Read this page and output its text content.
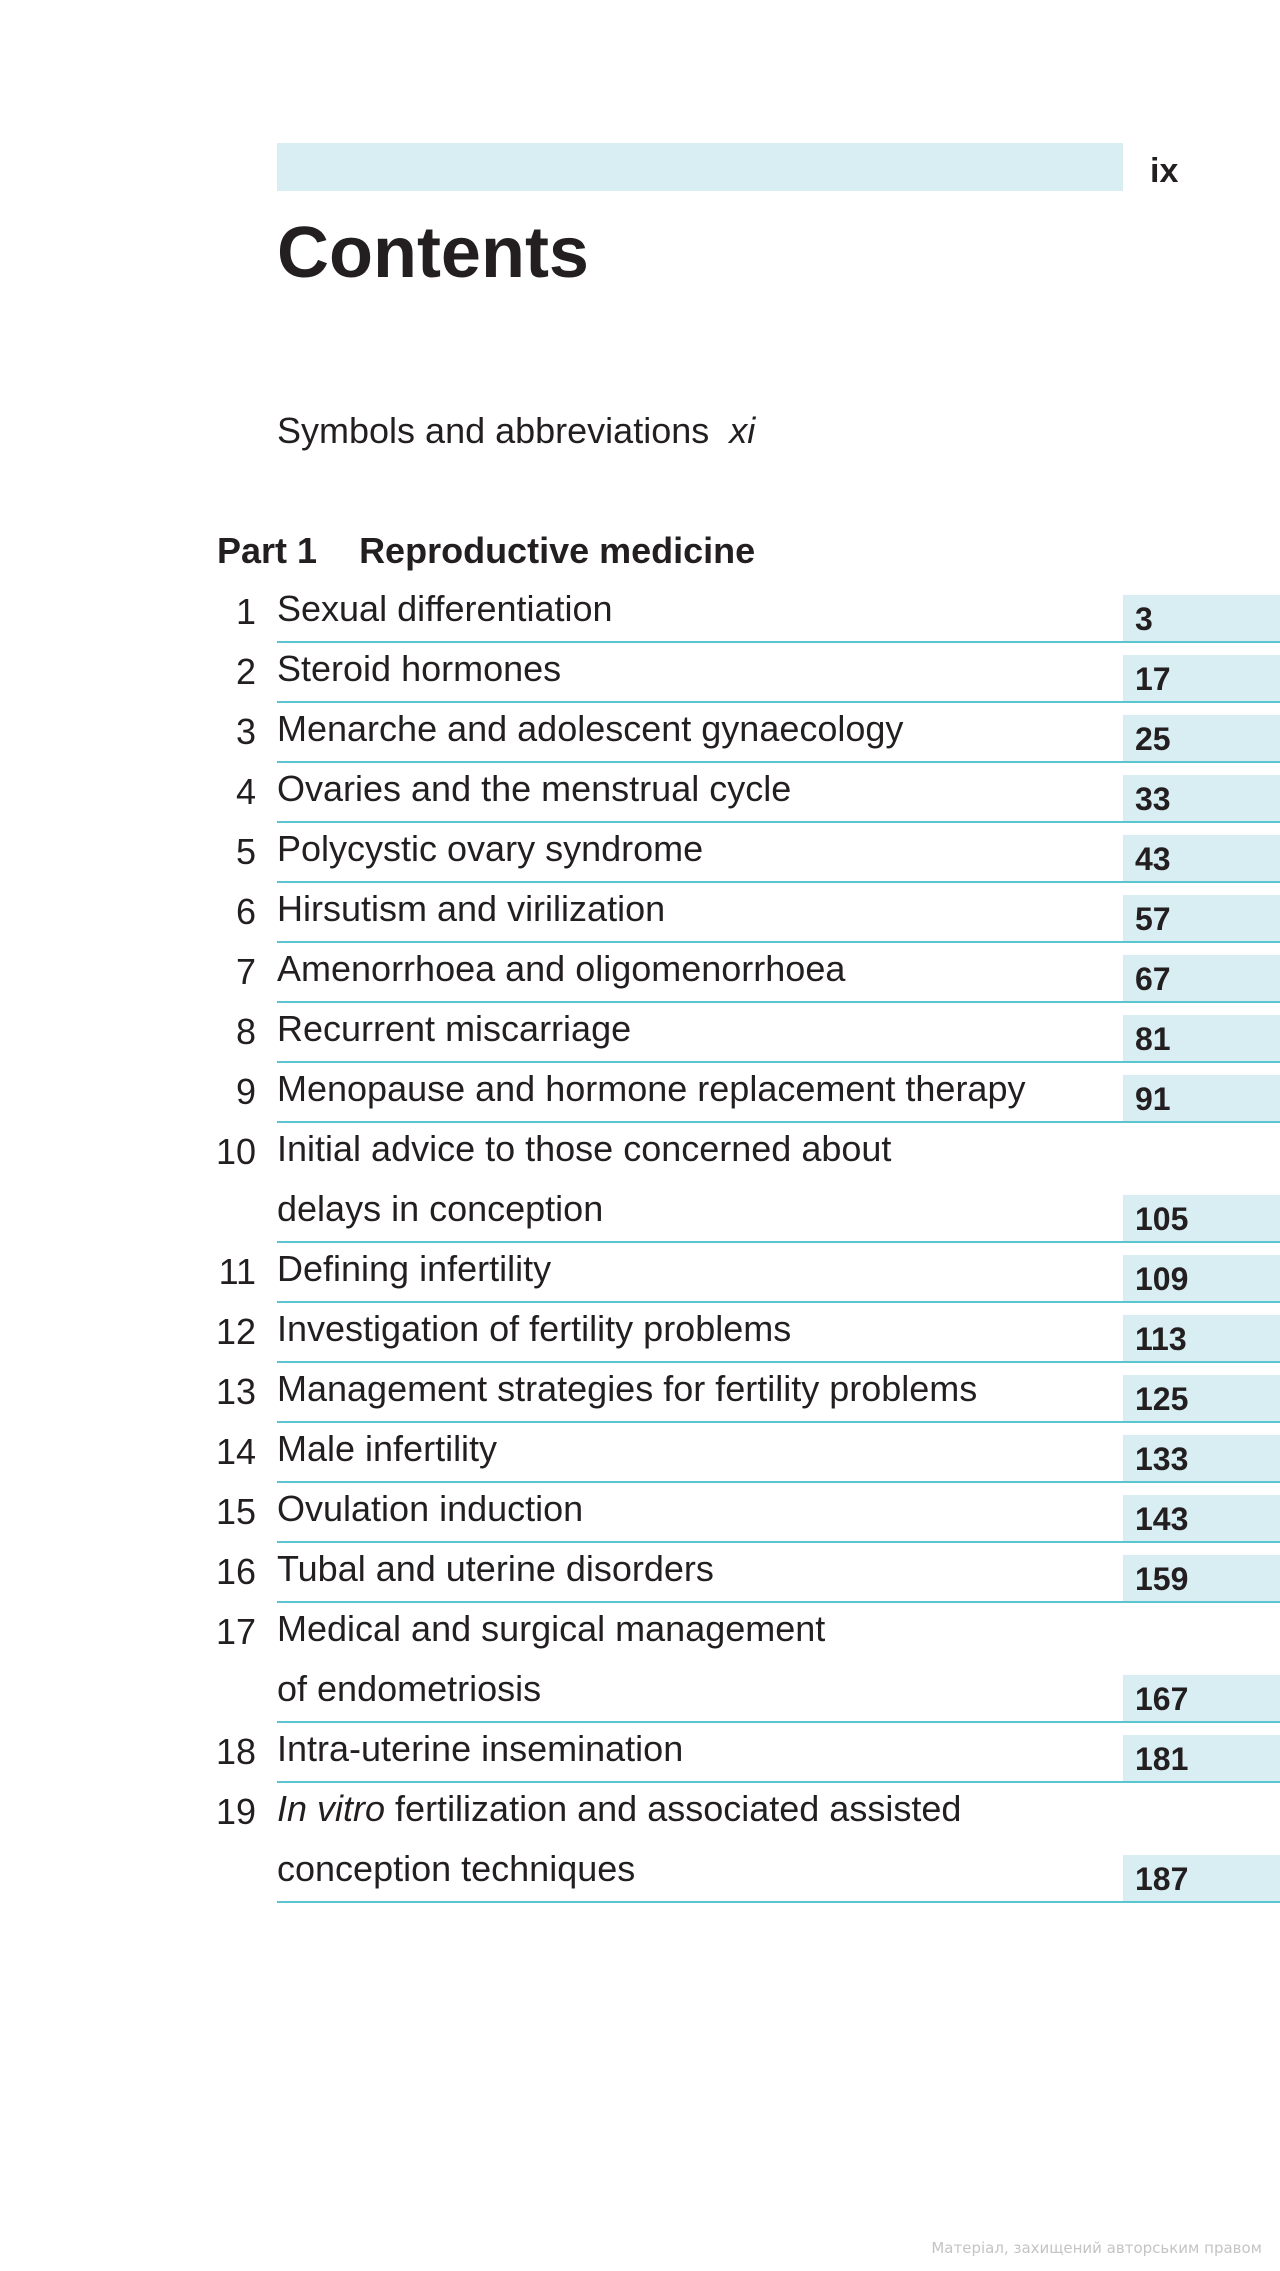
ix
Contents
Symbols and abbreviations xi
Part 1 Reproductive medicine
1 Sexual differentiation	3
2 Steroid hormones	17
3 Menarche and adolescent gynaecology	25
4 Ovaries and the menstrual cycle	33
5 Polycystic ovary syndrome	43
6 Hirsutism and virilization	57
7 Amenorrhoea and oligomenorrhoea	67
8 Recurrent miscarriage	81
9 Menopause and hormone replacement therapy	91
10 Initial advice to those concerned about
delays in conception	105
11 Defining infertility	109
12 Investigation of fertility problems	113
13 Management strategies for fertility problems	125
14 Male infertility	133
15 Ovulation induction	143
16 Tubal and uterine disorders	159
17 Medical and surgical management
of endometriosis	167
18 Intra-uterine insemination	181
19 In vitro fertilization and associated assisted
conception techniques	187
Матеріал, захищений авторським правом
